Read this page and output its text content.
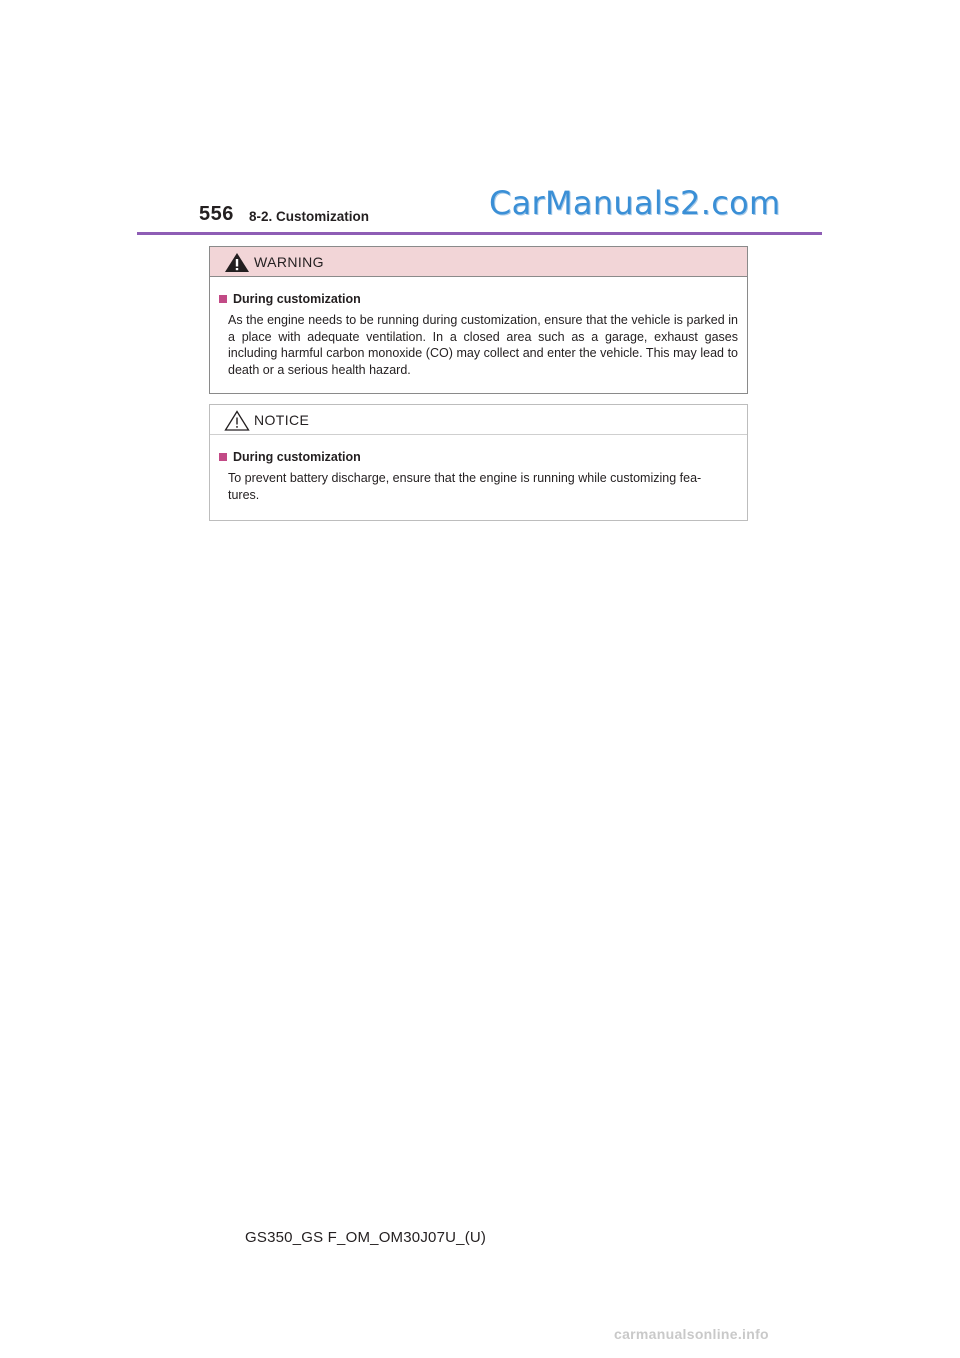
556 8-2. Customization	CarManuals2.com
WARNING
During customization
As the engine needs to be running during customization, ensure that the vehicle is parked in a place with adequate ventilation. In a closed area such as a garage, exhaust gases including harmful carbon monoxide (CO) may collect and enter the vehicle. This may lead to death or a serious health hazard.
NOTICE
During customization
To prevent battery discharge, ensure that the engine is running while customizing fea-
tures.
GS350_GS F_OM_OM30J07U_(U)
carmanualsonline.info
